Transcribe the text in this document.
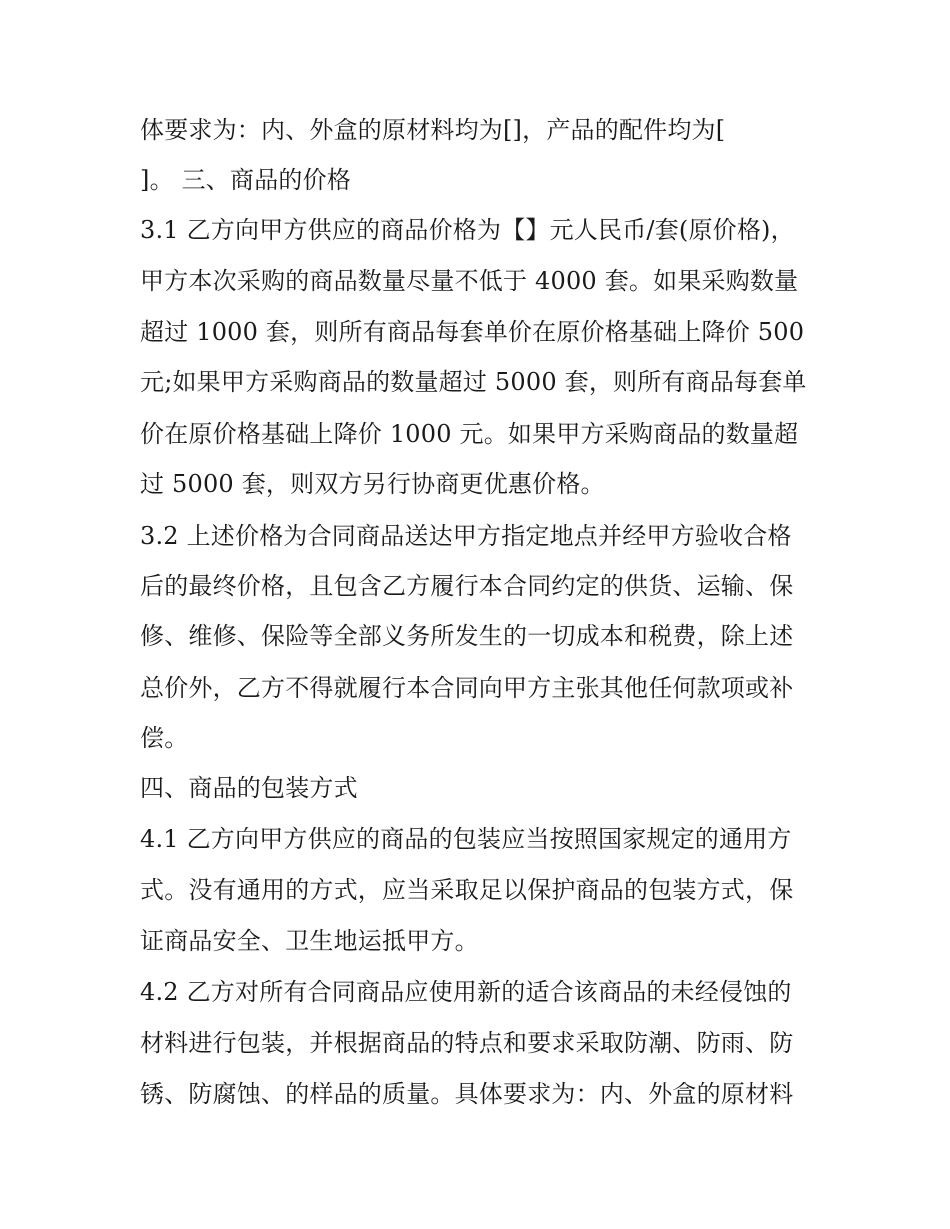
体要求为：内、外盒的原材料均为[]，产品的配件均为[
]。 三、商品的价格
3.1 乙方向甲方供应的商品价格为【】元人民币/套(原价格)，
甲方本次采购的商品数量尽量不低于 4000 套。如果采购数量
超过 1000 套，则所有商品每套单价在原价格基础上降价 500
元;如果甲方采购商品的数量超过 5000 套，则所有商品每套单
价在原价格基础上降价 1000 元。如果甲方采购商品的数量超
过 5000 套，则双方另行协商更优惠价格。
3.2 上述价格为合同商品送达甲方指定地点并经甲方验收合格
后的最终价格，且包含乙方履行本合同约定的供货、运输、保
修、维修、保险等全部义务所发生的一切成本和税费，除上述
总价外，乙方不得就履行本合同向甲方主张其他任何款项或补
偿。
四、商品的包装方式
4.1 乙方向甲方供应的商品的包装应当按照国家规定的通用方
式。没有通用的方式，应当采取足以保护商品的包装方式，保
证商品安全、卫生地运抵甲方。
4.2 乙方对所有合同商品应使用新的适合该商品的未经侵蚀的
材料进行包装，并根据商品的特点和要求采取防潮、防雨、防
锈、防腐蚀、的样品的质量。具体要求为：内、外盒的原材料
